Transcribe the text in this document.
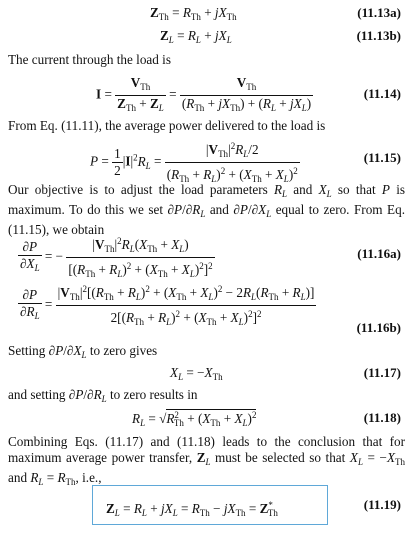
$Z_{Th} = R_{Th} + jX_{Th}$	(11.13a)
$Z_L = R_L + jX_L$	(11.13b)
The current through the load is
$I = \frac{V_{Th}}{Z_{Th} + Z_L} = \frac{V_{Th}}{(R_{Th} + jX_{Th}) + (R_L + jX_L)}$	(11.14)
From Eq. (11.11), the average power delivered to the load is
$P = \frac{1}{2} |I|^2R_L = \frac{|V_{Th}|^2R_L/2}{(R_{Th} + R_L)^2 + (X_{Th} + X_L)^2}$	(11.15)
Our objective is to adjust the load parameters $R_L$ and $X_L$ so that P is maximum. To do this we set $\partial P/\partial R_L$ and $\partial P/\partial X_L$ equal to zero. From Eq. (11.15), we obtain
$\frac{\partial P}{\partial X_L}$ = − $\frac{|V_{Th}|^2R_L(X_{Th} + X_L)}{[(R_{Th} + R_L)^2 + (X_{Th} + X_L)^2]^2}$	(11.16a)
$\frac{\partial P}{\partial R_L} = \frac{|V_{Th}|^2[(R_{Th} + R_L)^2 + (X_{Th} + X_L)^2 - 2R_L(R_{Th} + R_L)]}{2[(R_{Th} + R_L)^2 + (X_{Th} + X_L)^2]^2}$	(11.16b)
Setting $\partial P/\partial X_L$ to zero gives
$X_L = -X_{Th}$	(11.17)
and setting $\partial P/\partial R_L$ to zero results in
$R_L = √R^2_{Th} + (X_{Th} + X_L)^2$	(11.18)
Combining Eqs. (11.17) and (11.18) leads to the conclusion that for maximum average power transfer, $Z_L$ must be selected so that $X_L = -X_{Th}$ and $R_L = R_{Th}$, i.e.,
$Z_L = R_L + jX_L = R_{Th} - jX_{Th} = Z^*_{Th}$
(11.19)
